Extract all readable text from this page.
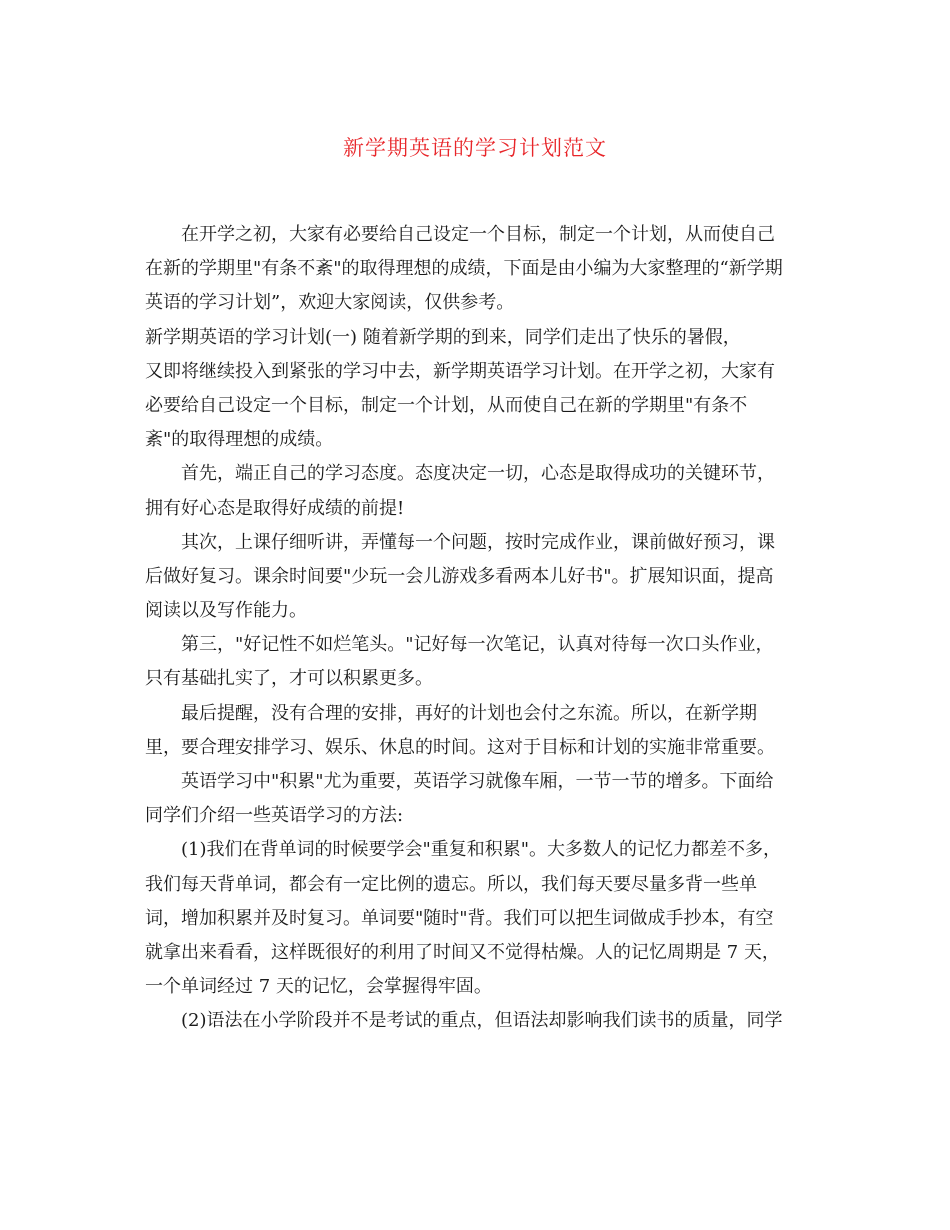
新学期英语的学习计划范文
在开学之初，大家有必要给自己设定一个目标，制定一个计划，从而使自己
在新的学期里"有条不紊"的取得理想的成绩，下面是由小编为大家整理的“新学期
英语的学习计划”，欢迎大家阅读，仅供参考。
新学期英语的学习计划(一) 随着新学期的到来，同学们走出了快乐的暑假，
又即将继续投入到紧张的学习中去，新学期英语学习计划。在开学之初，大家有
必要给自己设定一个目标，制定一个计划，从而使自己在新的学期里"有条不
紊"的取得理想的成绩。
首先，端正自己的学习态度。态度决定一切，心态是取得成功的关键环节，
拥有好心态是取得好成绩的前提!
其次，上课仔细听讲，弄懂每一个问题，按时完成作业，课前做好预习，课
后做好复习。课余时间要"少玩一会儿游戏多看两本儿好书"。扩展知识面，提高
阅读以及写作能力。
第三，"好记性不如烂笔头。"记好每一次笔记，认真对待每一次口头作业，
只有基础扎实了，才可以积累更多。
最后提醒，没有合理的安排，再好的计划也会付之东流。所以，在新学期
里，要合理安排学习、娱乐、休息的时间。这对于目标和计划的实施非常重要。
英语学习中"积累"尤为重要，英语学习就像车厢，一节一节的增多。下面给
同学们介绍一些英语学习的方法:
(1)我们在背单词的时候要学会"重复和积累"。大多数人的记忆力都差不多，
我们每天背单词，都会有一定比例的遗忘。所以，我们每天要尽量多背一些单
词，增加积累并及时复习。单词要"随时"背。我们可以把生词做成手抄本，有空
就拿出来看看，这样既很好的利用了时间又不觉得枯燥。人的记忆周期是 7 天，
一个单词经过 7 天的记忆，会掌握得牢固。
(2)语法在小学阶段并不是考试的重点，但语法却影响我们读书的质量，同学
